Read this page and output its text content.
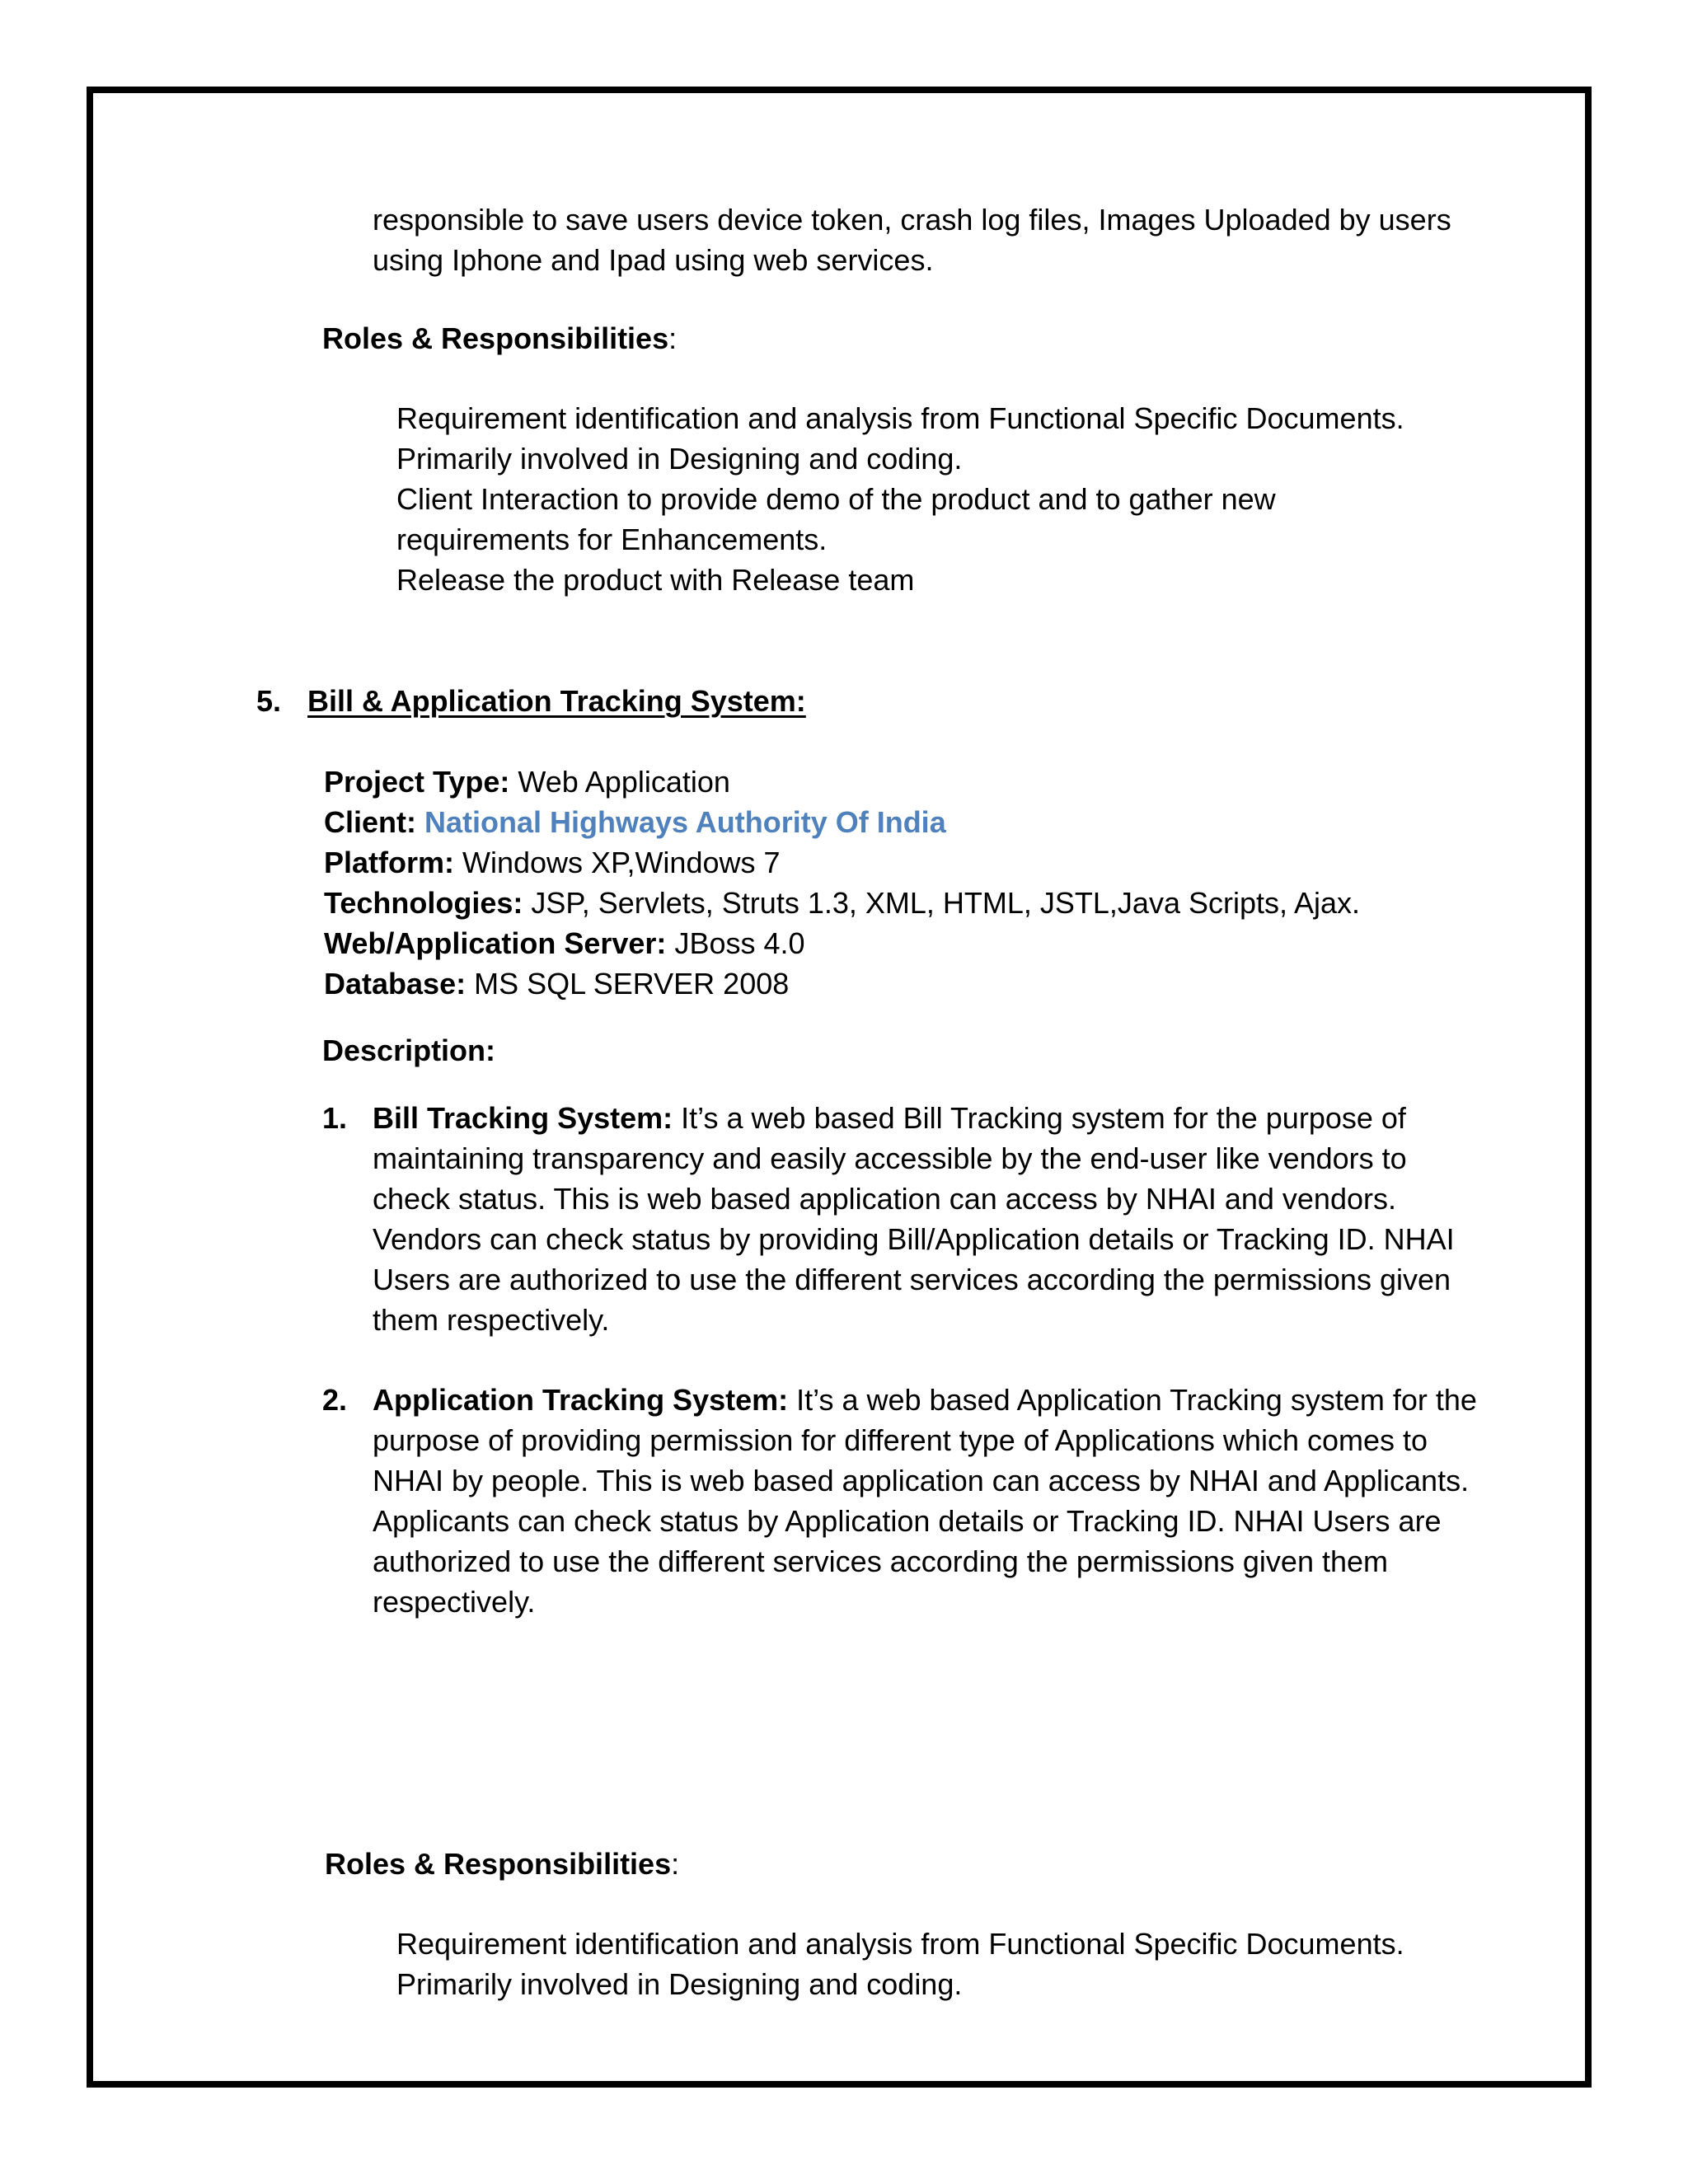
responsible to save users device token, crash log files, Images Uploaded by users
using Iphone and Ipad using web services.
Roles & Responsibilities:
Requirement identification and analysis from Functional Specific Documents.
Primarily involved in Designing and coding.
Client Interaction to provide demo of the product and to gather new
requirements for Enhancements.
Release the product with Release team
5. Bill & Application Tracking System:
Project Type: Web Application
Client: National Highways Authority Of India
Platform: Windows XP,Windows 7
Technologies: JSP, Servlets, Struts 1.3, XML, HTML, JSTL,Java Scripts, Ajax.
Web/Application Server: JBoss 4.0
Database: MS SQL SERVER 2008
Description:
1. Bill Tracking System: It’s a web based Bill Tracking system for the purpose of
maintaining transparency and easily accessible by the end-user like vendors to
check status. This is web based application can access by NHAI and vendors.
Vendors can check status by providing Bill/Application details or Tracking ID. NHAI
Users are authorized to use the different services according the permissions given
them respectively.
2. Application Tracking System: It’s a web based Application Tracking system for the
purpose of providing permission for different type of Applications which comes to
NHAI by people. This is web based application can access by NHAI and Applicants.
Applicants can check status by Application details or Tracking ID. NHAI Users are
authorized to use the different services according the permissions given them
respectively.
Roles & Responsibilities:
Requirement identification and analysis from Functional Specific Documents.
Primarily involved in Designing and coding.
